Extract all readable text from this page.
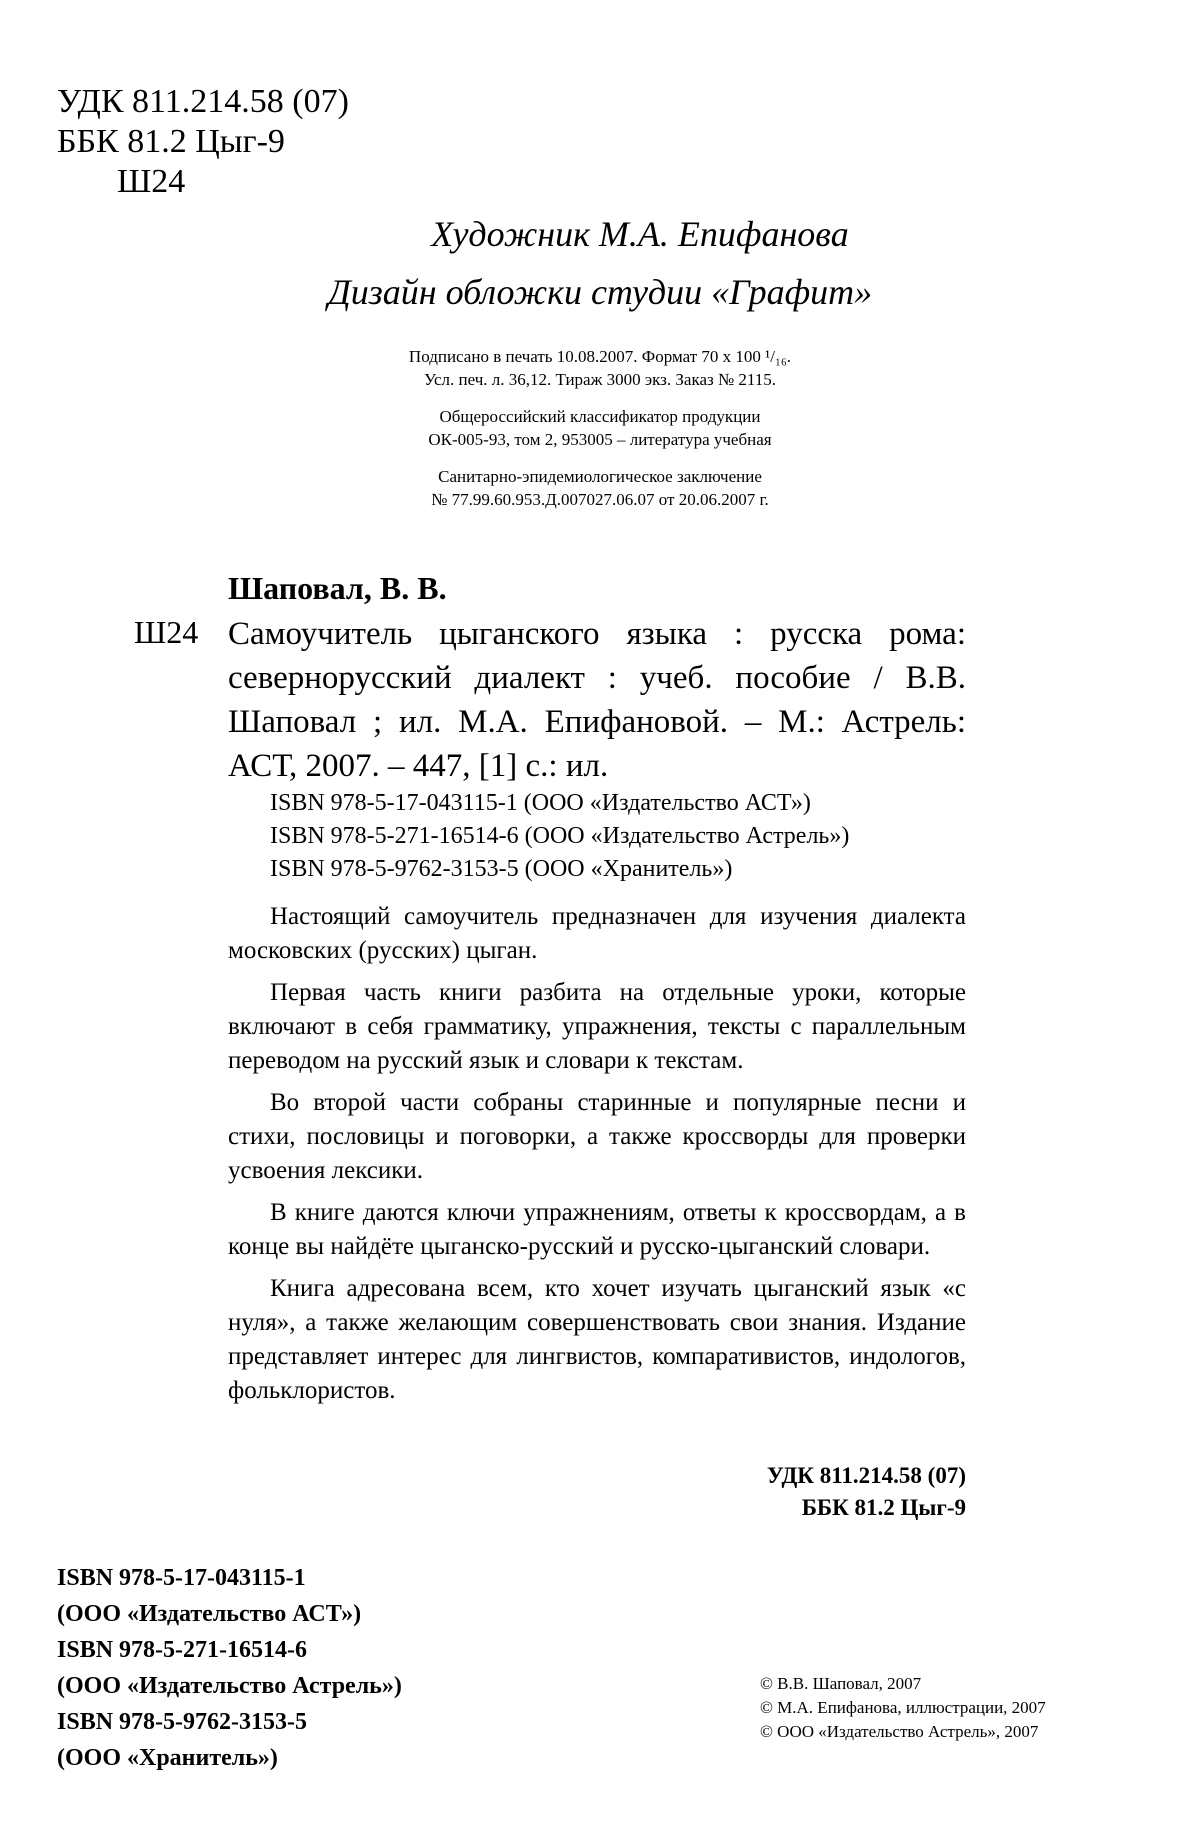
УДК 811.214.58 (07)
ББК 81.2 Цыг-9
Ш24
Художник М.А. Епифанова
Дизайн обложки студии «Графит»

Подписано в печать 10.08.2007. Формат 70 x 100 ¹/₁₆.
Усл. печ. л. 36,12. Тираж 3000 экз. Заказ № 2115.

Общероссийский классификатор продукции
ОК-005-93, том 2, 953005 – литература учебная

Санитарно-эпидемиологическое заключение
№ 77.99.60.953.Д.007027.06.07 от 20.06.2007 г.

Шаповал, В. В.
Ш24 Самоучитель цыганского языка : русска рома: севернорусский диалект : учеб. пособие / В.В. Шаповал ; ил. М.А. Епифановой. – М.: Астрель: АСТ, 2007. – 447, [1] с.: ил.

ISBN 978-5-17-043115-1 (ООО «Издательство АСТ»)
ISBN 978-5-271-16514-6 (ООО «Издательство Астрель»)
ISBN 978-5-9762-3153-5 (ООО «Хранитель»)

Настоящий самоучитель предназначен для изучения диалекта московских (русских) цыган.

Первая часть книги разбита на отдельные уроки, которые включают в себя грамматику, упражнения, тексты с параллельным переводом на русский язык и словари к текстам.

Во второй части собраны старинные и популярные песни и стихи, пословицы и поговорки, а также кроссворды для проверки усвоения лексики.

В книге даются ключи упражнениям, ответы к кроссвордам, а в конце вы найдёте цыганско-русский и русско-цыганский словари.

Книга адресована всем, кто хочет изучать цыганский язык «с нуля», а также желающим совершенствовать свои знания. Издание представляет интерес для лингвистов, компаративистов, индологов, фольклористов.

УДК 811.214.58 (07)
ББК 81.2 Цыг-9
ISBN 978-5-17-043115-1
(ООО «Издательство АСТ»)
ISBN 978-5-271-16514-6
(ООО «Издательство Астрель»)
ISBN 978-5-9762-3153-5
(ООО «Хранитель»)
© В.В. Шаповал, 2007
© М.А. Епифанова, иллюстрации, 2007
© ООО «Издательство Астрель», 2007
